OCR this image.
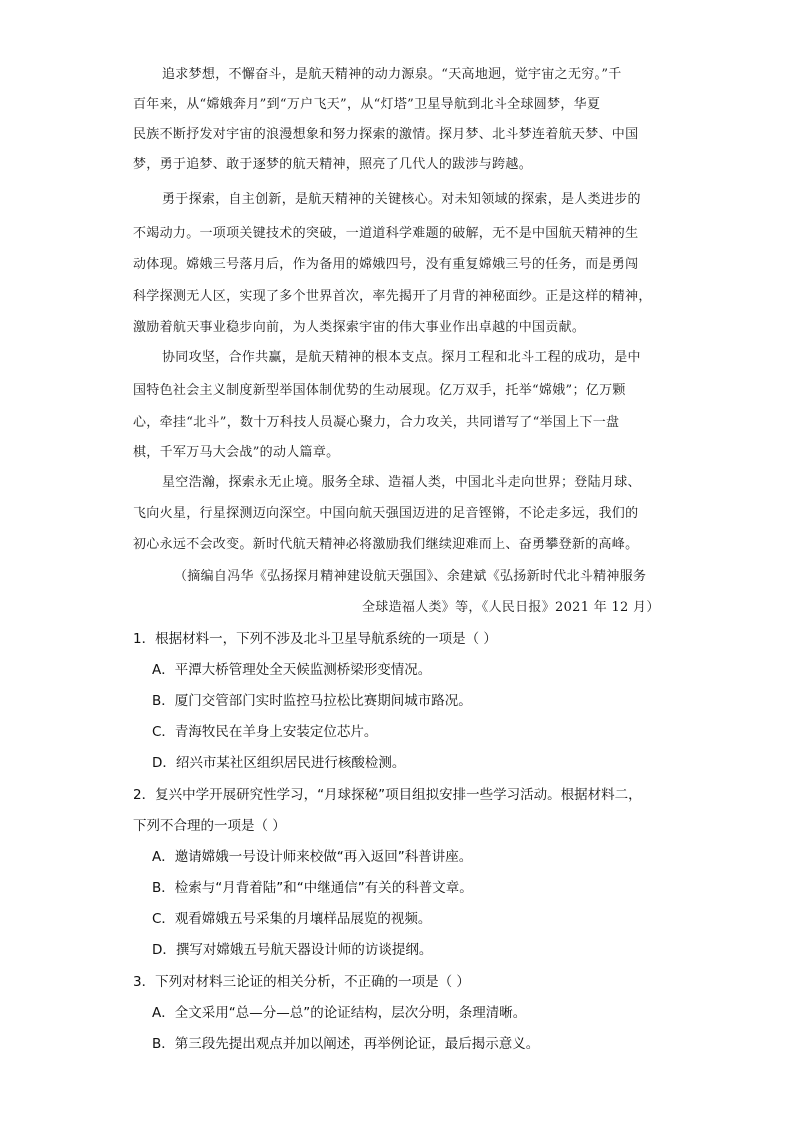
追求梦想，不懈奋斗，是航天精神的动力源泉。“天高地迥，觉宇宙之无穷。”千
百年来，从“嫦娥奔月”到“万户飞天”，从“灯塔”卫星导航到北斗全球圆梦，华夏
民族不断抒发对宇宙的浪漫想象和努力探索的激情。探月梦、北斗梦连着航天梦、中国
梦，勇于追梦、敢于逐梦的航天精神，照亮了几代人的跋涉与跨越。
勇于探索，自主创新，是航天精神的关键核心。对未知领域的探索，是人类进步的
不竭动力。一项项关键技术的突破，一道道科学难题的破解，无不是中国航天精神的生
动体现。嫦娥三号落月后，作为备用的嫦娥四号，没有重复嫦娥三号的任务，而是勇闯
科学探测无人区，实现了多个世界首次，率先揭开了月背的神秘面纱。正是这样的精神，
激励着航天事业稳步向前，为人类探索宇宙的伟大事业作出卓越的中国贡献。
协同攻坚，合作共赢，是航天精神的根本支点。探月工程和北斗工程的成功，是中
国特色社会主义制度新型举国体制优势的生动展现。亿万双手，托举“嫦娥”；亿万颗
心，牵挂“北斗”，数十万科技人员凝心聚力，合力攻关，共同谱写了“举国上下一盘
棋，千军万马大会战”的动人篇章。
星空浩瀚，探索永无止境。服务全球、造福人类，中国北斗走向世界；登陆月球、
飞向火星，行星探测迈向深空。中国向航天强国迈进的足音铿锵，不论走多远，我们的
初心永远不会改变。新时代航天精神必将激励我们继续迎难而上、奋勇攀登新的高峰。
（摘编自冯华《弘扬探月精神建设航天强国》、余建斌《弘扬新时代北斗精神服务
全球造福人类》等，《人民日报》2021 年 12 月）
1．根据材料一，下列不涉及北斗卫星导航系统的一项是（ ）
A．平潭大桥管理处全天候监测桥梁形变情况。
B．厦门交管部门实时监控马拉松比赛期间城市路况。
C．青海牧民在羊身上安装定位芯片。
D．绍兴市某社区组织居民进行核酸检测。
2．复兴中学开展研究性学习，“月球探秘”项目组拟安排一些学习活动。根据材料二，
下列不合理的一项是（ ）
A．邀请嫦娥一号设计师来校做“再入返回”科普讲座。
B．检索与“月背着陆”和“中继通信”有关的科普文章。
C．观看嫦娥五号采集的月壤样品展览的视频。
D．撰写对嫦娥五号航天器设计师的访谈提纲。
3．下列对材料三论证的相关分析，不正确的一项是（ ）
A．全文采用“总—分—总”的论证结构，层次分明，条理清晰。
B．第三段先提出观点并加以阐述，再举例论证，最后揭示意义。
